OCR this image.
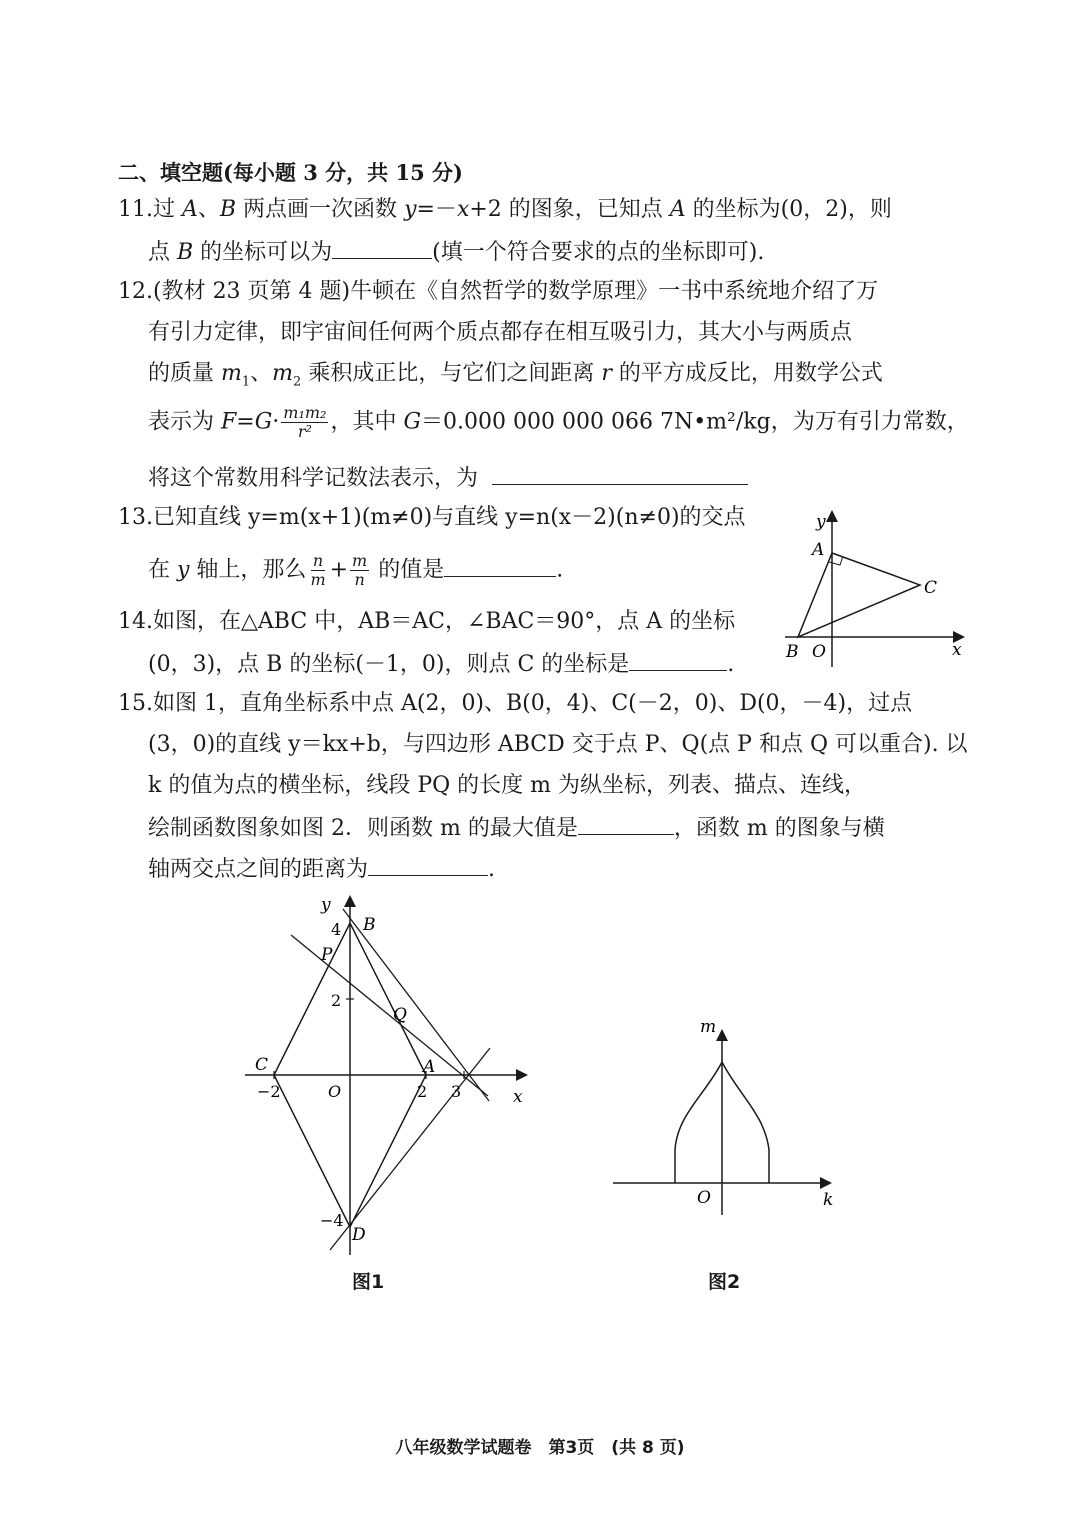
二、填空题(每小题 3 分，共 15 分)
11.过 A、B 两点画一次函数 y=－x+2 的图象，已知点 A 的坐标为(0，2)，则
点 B 的坐标可以为	(填一个符合要求的点的坐标即可).
12.(教材 23 页第 4 题)牛顿在《自然哲学的数学原理》一书中系统地介绍了万
有引力定律，即宇宙间任何两个质点都存在相互吸引力，其大小与两质点
的质量 $m_1$、$m_2$ 乘积成正比，与它们之间距离 r 的平方成反比，用数学公式
表示为 $F=G\cdot \frac{\text{m₁m₂}}{\text{r²}}$ ，其中 G＝0.000 000 000 066 7N•m²/kg，为万有引力常数，
将这个常数用科学记数法表示，为
13.已知直线 y=m(x+1)(m≠0)与直线 y=n(x－2)(n≠0)的交点
在 y 轴上，那么 $\frac{n}{m} + \frac{m}{n}$ 的值是	.
14.如图，在△ABC 中，AB＝AC，∠BAC＝90°，点 A 的坐标
(0，3)，点 B 的坐标(－1，0)，则点 C 的坐标是	.
y
A
C
B O	x
15.如图 1，直角坐标系中点 A(2，0)、B(0，4)、C(－2，0)、D(0，－4)，过点
(3，0)的直线 y＝kx+b，与四边形 ABCD 交于点 P、Q(点 P 和点 Q 可以重合). 以
k 的值为点的横坐标，线段 PQ 的长度 m 为纵坐标，列表、描点、连线，
绘制函数图象如图 2．则函数 m 的最大值是	，函数 m 的图象与横
轴两交点之间的距离为	.
y
x
B
P
Q
C	A
D
O
4
2
−2	2 3
−4
图1
m
k
O
图2
八年级数学试题卷　第3页　(共 8 页)
